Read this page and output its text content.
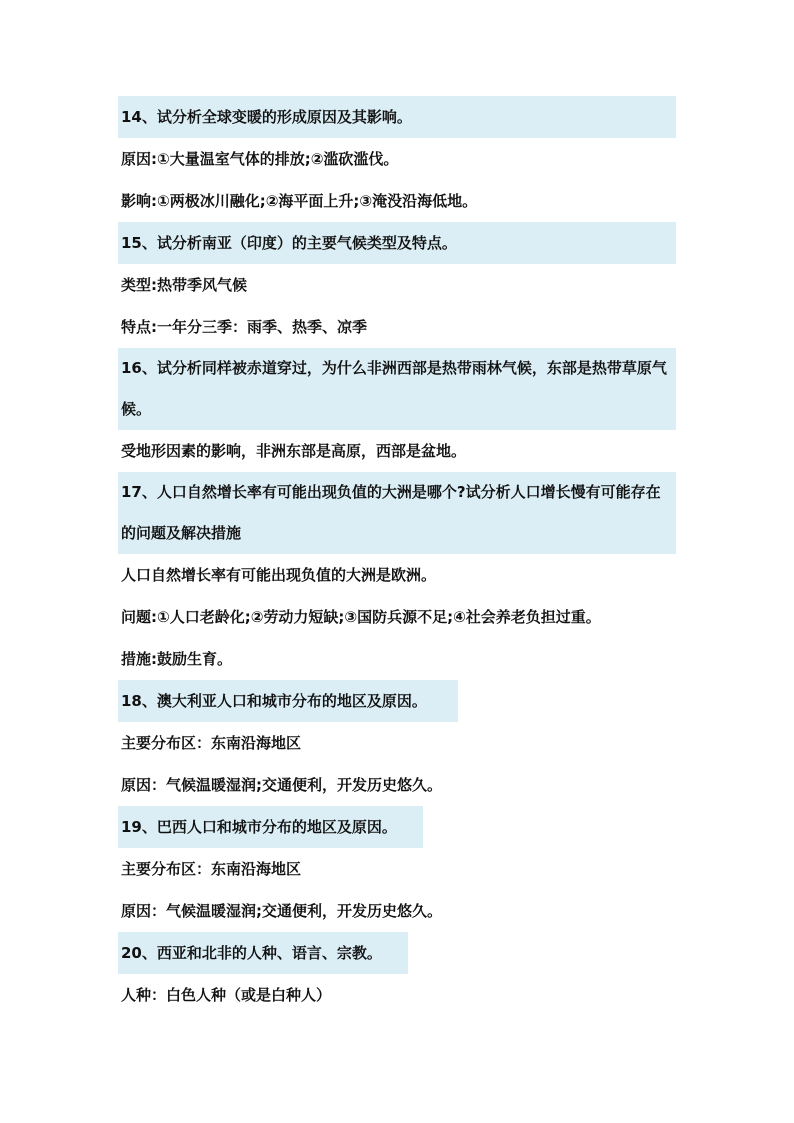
14、试分析全球变暖的形成原因及其影响。
原因:①大量温室气体的排放;②滥砍滥伐。
影响:①两极冰川融化;②海平面上升;③淹没沿海低地。
15、试分析南亚（印度）的主要气候类型及特点。
类型:热带季风气候
特点:一年分三季：雨季、热季、凉季
16、试分析同样被赤道穿过，为什么非洲西部是热带雨林气候，东部是热带草原气候。
受地形因素的影响，非洲东部是高原，西部是盆地。
17、人口自然增长率有可能出现负值的大洲是哪个?试分析人口增长慢有可能存在的问题及解决措施
人口自然增长率有可能出现负值的大洲是欧洲。
问题:①人口老龄化;②劳动力短缺;③国防兵源不足;④社会养老负担过重。
措施:鼓励生育。
18、澳大利亚人口和城市分布的地区及原因。
主要分布区：东南沿海地区
原因：气候温暖湿润;交通便利，开发历史悠久。
19、巴西人口和城市分布的地区及原因。
主要分布区：东南沿海地区
原因：气候温暖湿润;交通便利，开发历史悠久。
20、西亚和北非的人种、语言、宗教。
人种：白色人种（或是白种人）
